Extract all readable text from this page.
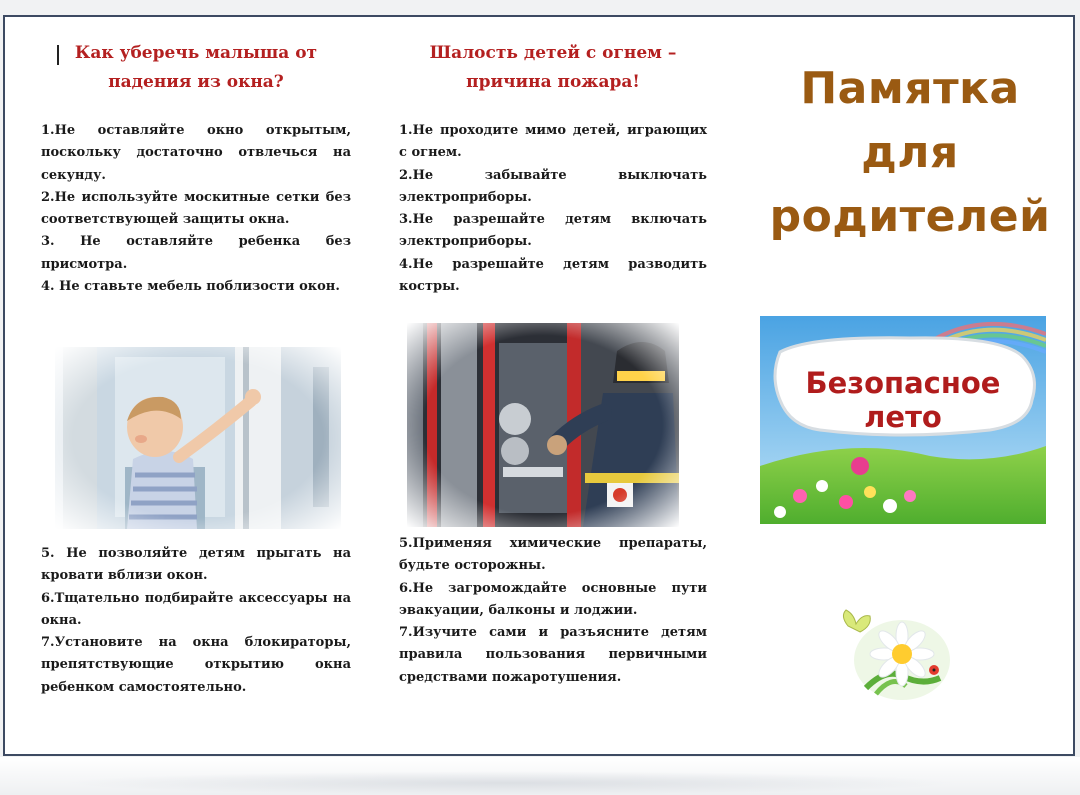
Как уберечь малыша от
падения из окна?
1.Не оставляйте окно открытым, поскольку достаточно отвлечься на секунду.
2.Не используйте москитные сетки без соответствующей защиты окна.
3. Не оставляйте ребенка без присмотра.
4. Не ставьте мебель поблизости окон.
5. Не позволяйте детям прыгать на кровати вблизи окон.
6.Тщательно подбирайте аксессуары на окна.
7.Установите на окна блокираторы, препятствующие открытию окна ребенком самостоятельно.
Шалость детей с огнем –
причина пожара!
1.Не проходите мимо детей, играющих с огнем.
2.Не забывайте выключать электроприборы.
3.Не разрешайте детям включать электроприборы.
4.Не разрешайте детям разводить костры.
5.Применяя химические препараты, будьте осторожны.
6.Не загромождайте основные пути эвакуации, балконы и лоджии.
7.Изучите сами и разъясните детям правила пользования первичными средствами пожаротушения.
Памятка
для
родителей
Безопасное
лето
